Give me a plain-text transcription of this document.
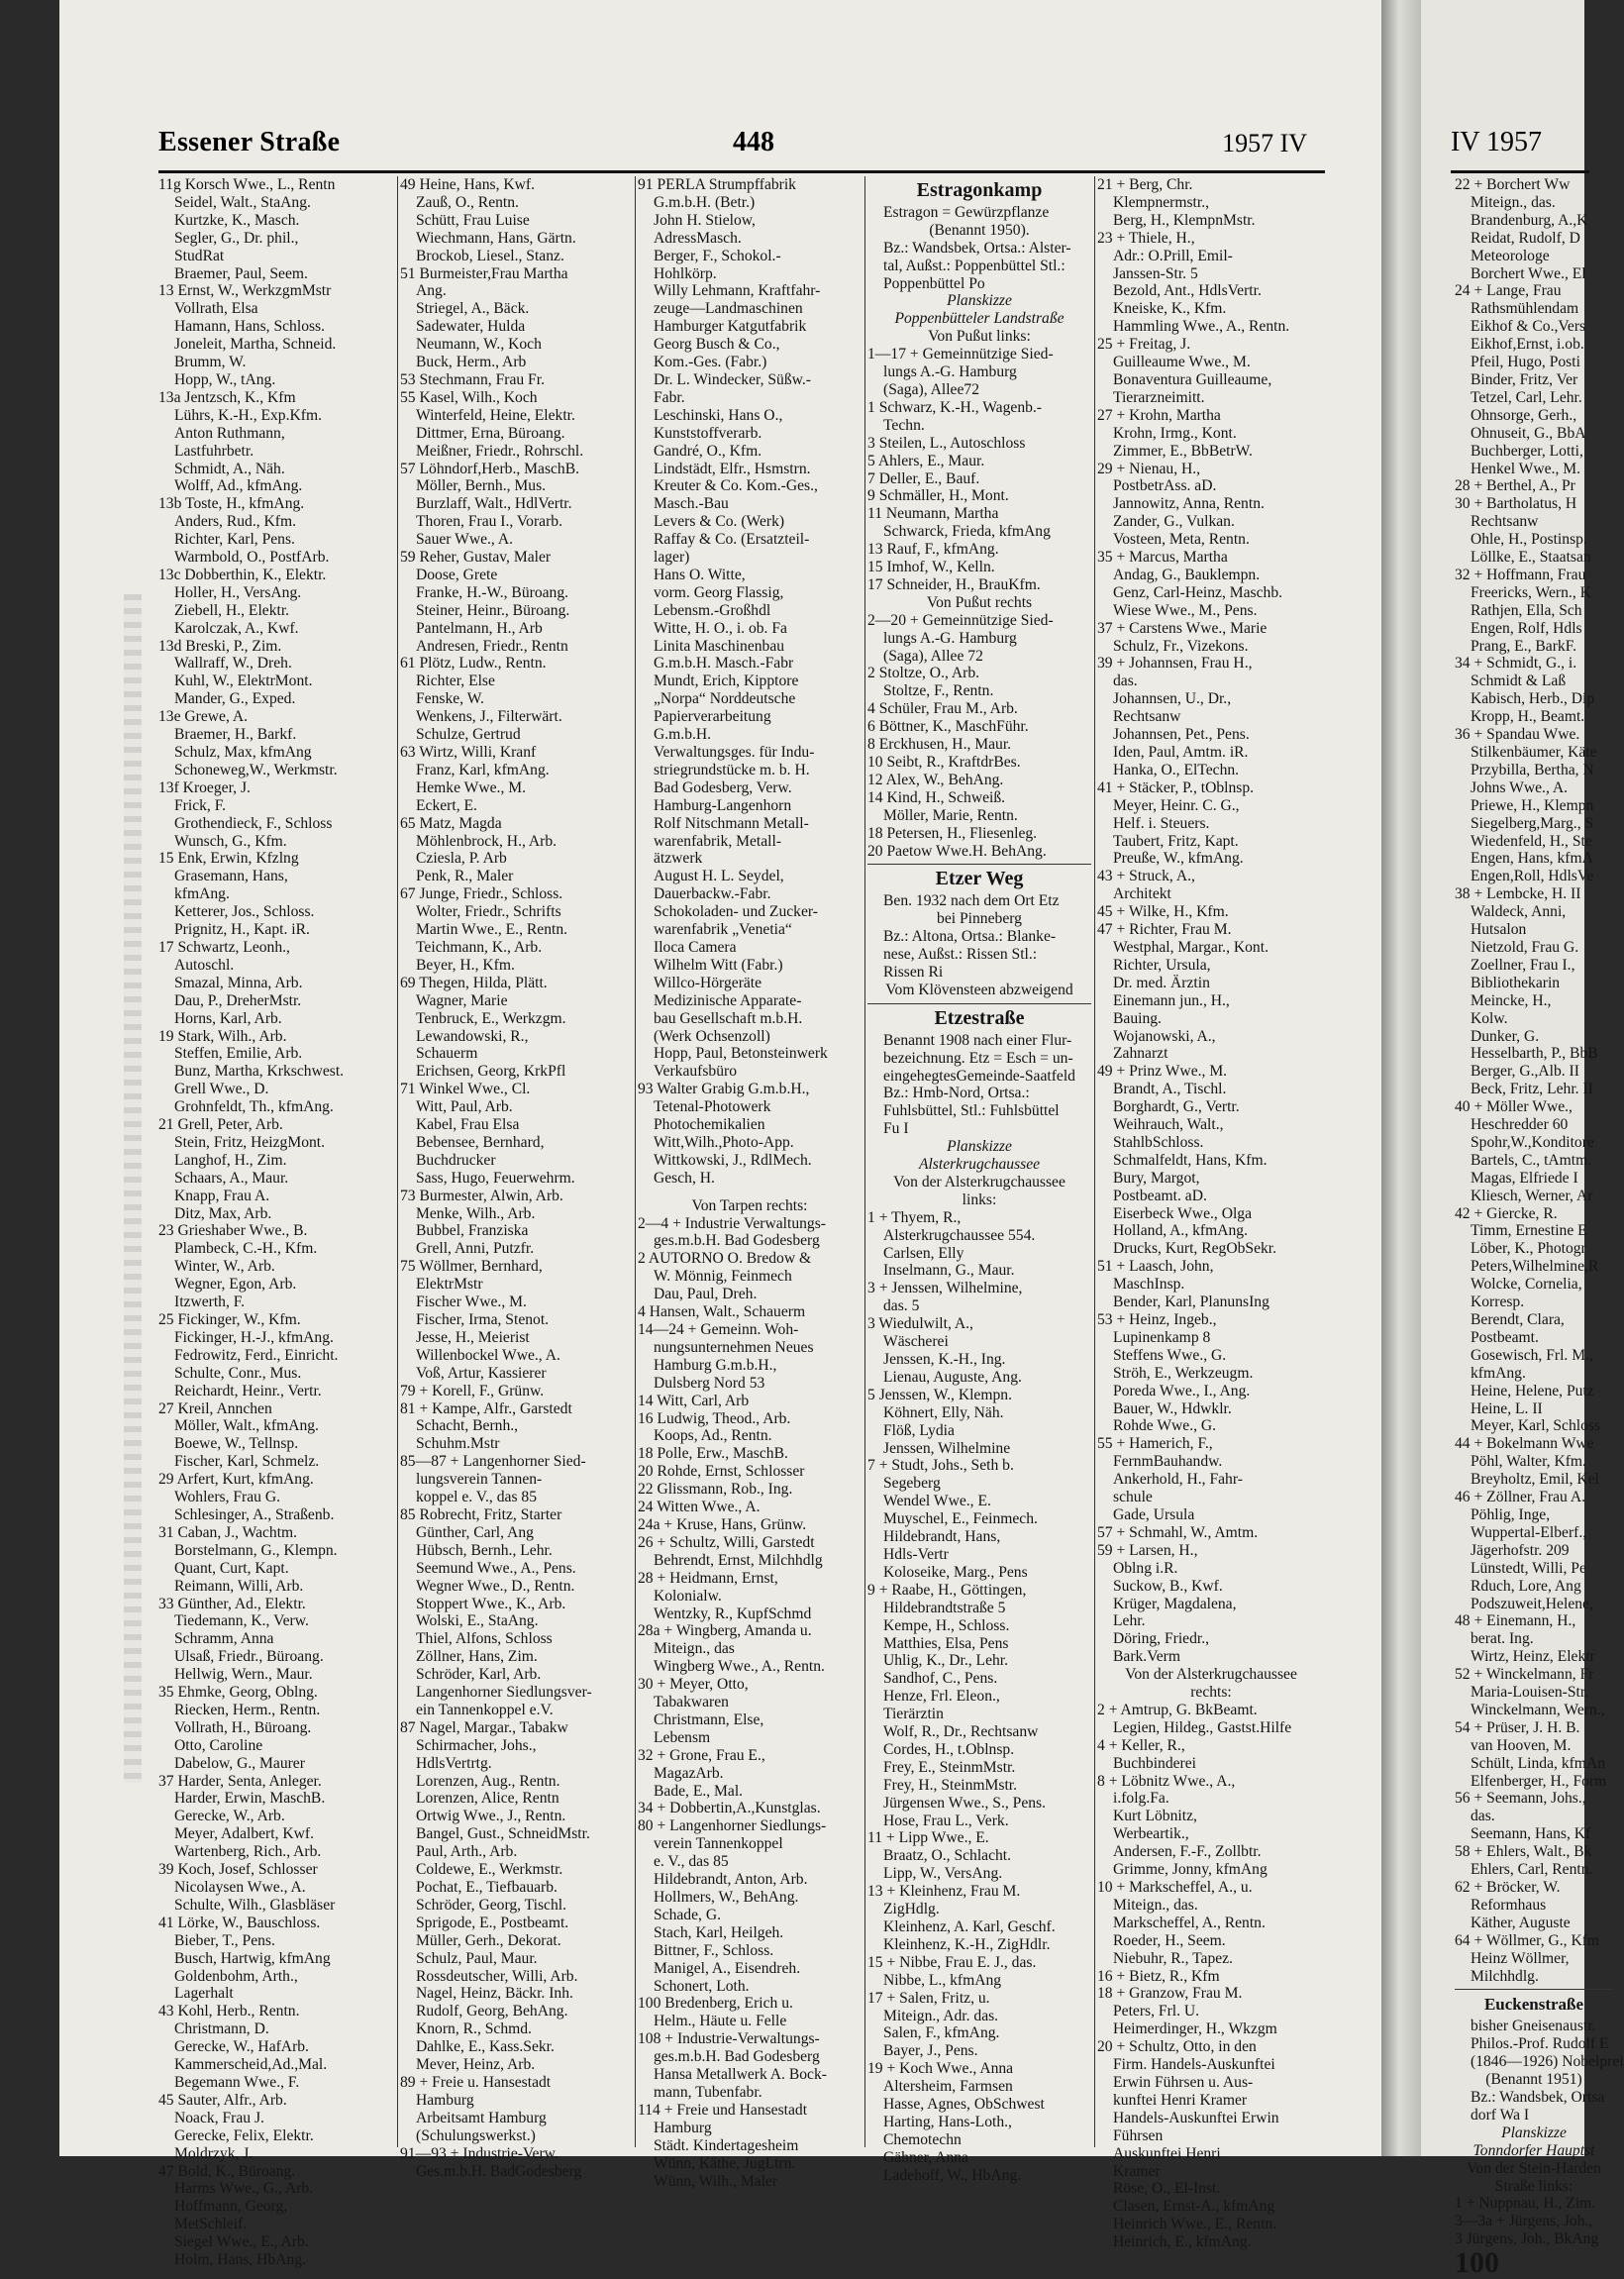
IV 1957
22 + Borchert Ww
Miteign., das.
Brandenburg, A.,K
Reidat, Rudolf, D
Meteorologe
Borchert Wwe., El
24 + Lange, Frau
Rathsmühlendam
Eikhof & Co.,Vers
Eikhof,Ernst, i.ob.
Pfeil, Hugo, Posti
Binder, Fritz, Ver
Tetzel, Carl, Lehr.
Ohnsorge, Gerh.,
Ohnuseit, G., BbA
Buchberger, Lotti,
Henkel Wwe., M.
28 + Berthel, A., Pr
30 + Bartholatus, H
Rechtsanw
Ohle, H., Postinsp.
Löllke, E., Staatsan
32 + Hoffmann, Frau
Freericks, Wern., K
Rathjen, Ella, Sch
Engen, Rolf, Hdls
Prang, E., BarkF.
34 + Schmidt, G., i.
Schmidt & Laß
Kabisch, Herb., Dip
Kropp, H., Beamt.
36 + Spandau Wwe.
Stilkenbäumer, Käte
Przybilla, Bertha, N
Johns Wwe., A.
Priewe, H., Klempn
Siegelberg,Marg., S
Wiedenfeld, H., Ste
Engen, Hans, kfmA
Engen,Roll, HdlsVe
38 + Lembcke, H. II
Waldeck, Anni,
Hutsalon
Nietzold, Frau G.
Zoellner, Frau I.,
Bibliothekarin
Meincke, H.,
Kolw.
Dunker, G.
Hesselbarth, P., BbB
Berger, G.,Alb. II
Beck, Fritz, Lehr. II
40 + Möller Wwe.,
Heschredder 60
Spohr,W.,Konditore
Bartels, C., tAmtm.
Magas, Elfriede I
Kliesch, Werner, Ar
42 + Giercke, R.
Timm, Ernestine E
Löber, K., Photogr
Peters,Wilhelmine,R
Wolcke, Cornelia,
Korresp.
Berendt, Clara,
Postbeamt.
Gosewisch, Frl. M.,
kfmAng.
Heine, Helene, Putz
Heine, L. II
Meyer, Karl, Schloss
44 + Bokelmann Wwe
Pöhl, Walter, Kfm.
Breyholtz, Emil, Kel
46 + Zöllner, Frau A.
Pöhlig, Inge,
Wuppertal-Elberf.,
Jägerhofstr. 209
Lünstedt, Willi, Pe
Rduch, Lore, Ang
Podszuweit,Helene,
48 + Einemann, H.,
berat. Ing.
Wirtz, Heinz, Elektr
52 + Winckelmann, Fr
Maria-Louisen-Str.
Winckelmann, Wern.,
54 + Prüser, J. H. B.
van Hooven, M.
Schült, Linda, kfmAn
Elfenberger, H., Form
56 + Seemann, Johs.,
das.
Seemann, Hans, Kf
58 + Ehlers, Walt., Bk
Ehlers, Carl, Rentn.
62 + Bröcker, W.
Reformhaus
Käther, Auguste
64 + Wöllmer, G., Kfm
Heinz Wöllmer,
Milchhdlg.
Euckenstraße
bisher Gneisenaustr.
Philos.-Prof. Rudolf E
(1846—1926) Nobelprei
(Benannt 1951)
Bz.: Wandsbek, Ortsa
dorf Wa I
Planskizze
Tonndorfer Hauptst
Von der Stein-Harden
Straße links:
1 + Nuppnau, H., Zim.
3—3a + Jürgens, Joh.,
3 Jürgens, Joh., BkAng
100
Essener Straße	448	1957 IV
11g Korsch Wwe., L., Rentn
Seidel, Walt., StaAng.
Kurtzke, K., Masch.
Segler, G., Dr. phil.,
StudRat
Braemer, Paul, Seem.
13 Ernst, W., WerkzgmMstr
Vollrath, Elsa
Hamann, Hans, Schloss.
Joneleit, Martha, Schneid.
Brumm, W.
Hopp, W., tAng.
13a Jentzsch, K., Kfm
Lührs, K.-H., Exp.Kfm.
Anton Ruthmann,
Lastfuhrbetr.
Schmidt, A., Näh.
Wolff, Ad., kfmAng.
13b Toste, H., kfmAng.
Anders, Rud., Kfm.
Richter, Karl, Pens.
Warmbold, O., PostfArb.
13c Dobberthin, K., Elektr.
Holler, H., VersAng.
Ziebell, H., Elektr.
Karolczak, A., Kwf.
13d Breski, P., Zim.
Wallraff, W., Dreh.
Kuhl, W., ElektrMont.
Mander, G., Exped.
13e Grewe, A.
Braemer, H., Barkf.
Schulz, Max, kfmAng
Schoneweg,W., Werkmstr.
13f Kroeger, J.
Frick, F.
Grothendieck, F., Schloss
Wunsch, G., Kfm.
15 Enk, Erwin, Kfzlng
Grasemann, Hans,
kfmAng.
Ketterer, Jos., Schloss.
Prignitz, H., Kapt. iR.
17 Schwartz, Leonh.,
Autoschl.
Smazal, Minna, Arb.
Dau, P., DreherMstr.
Horns, Karl, Arb.
19 Stark, Wilh., Arb.
Steffen, Emilie, Arb.
Bunz, Martha, Krkschwest.
Grell Wwe., D.
Grohnfeldt, Th., kfmAng.
21 Grell, Peter, Arb.
Stein, Fritz, HeizgMont.
Langhof, H., Zim.
Schaars, A., Maur.
Knapp, Frau A.
Ditz, Max, Arb.
23 Grieshaber Wwe., B.
Plambeck, C.-H., Kfm.
Winter, W., Arb.
Wegner, Egon, Arb.
Itzwerth, F.
25 Fickinger, W., Kfm.
Fickinger, H.-J., kfmAng.
Fedrowitz, Ferd., Einricht.
Schulte, Conr., Mus.
Reichardt, Heinr., Vertr.
27 Kreil, Annchen
Möller, Walt., kfmAng.
Boewe, W., Tellnsp.
Fischer, Karl, Schmelz.
29 Arfert, Kurt, kfmAng.
Wohlers, Frau G.
Schlesinger, A., Straßenb.
31 Caban, J., Wachtm.
Borstelmann, G., Klempn.
Quant, Curt, Kapt.
Reimann, Willi, Arb.
33 Günther, Ad., Elektr.
Tiedemann, K., Verw.
Schramm, Anna
Ulsaß, Friedr., Büroang.
Hellwig, Wern., Maur.
35 Ehmke, Georg, Oblng.
Riecken, Herm., Rentn.
Vollrath, H., Büroang.
Otto, Caroline
Dabelow, G., Maurer
37 Harder, Senta, Anleger.
Harder, Erwin, MaschB.
Gerecke, W., Arb.
Meyer, Adalbert, Kwf.
Wartenberg, Rich., Arb.
39 Koch, Josef, Schlosser
Nicolaysen Wwe., A.
Schulte, Wilh., Glasbläser
41 Lörke, W., Bauschloss.
Bieber, T., Pens.
Busch, Hartwig, kfmAng
Goldenbohm, Arth.,
Lagerhalt
43 Kohl, Herb., Rentn.
Christmann, D.
Gerecke, W., HafArb.
Kammerscheid,Ad.,Mal.
Begemann Wwe., F.
45 Sauter, Alfr., Arb.
Noack, Frau J.
Gerecke, Felix, Elektr.
Moldrzyk, J.
47 Bold, K., Büroang.
Harms Wwe., G., Arb.
Hoffmann, Georg,
MetSchleif.
Siegel Wwe., E., Arb.
Holm, Hans, HbAng.
49 Heine, Hans, Kwf.
Zauß, O., Rentn.
Schütt, Frau Luise
Wiechmann, Hans, Gärtn.
Brockob, Liesel., Stanz.
51 Burmeister,Frau Martha
Ang.
Striegel, A., Bäck.
Sadewater, Hulda
Neumann, W., Koch
Buck, Herm., Arb
53 Stechmann, Frau Fr.
55 Kasel, Wilh., Koch
Winterfeld, Heine, Elektr.
Dittmer, Erna, Büroang.
Meißner, Friedr., Rohrschl.
57 Löhndorf,Herb., MaschB.
Möller, Bernh., Mus.
Burzlaff, Walt., HdlVertr.
Thoren, Frau I., Vorarb.
Sauer Wwe., A.
59 Reher, Gustav, Maler
Doose, Grete
Franke, H.-W., Büroang.
Steiner, Heinr., Büroang.
Pantelmann, H., Arb
Andresen, Friedr., Rentn
61 Plötz, Ludw., Rentn.
Richter, Else
Fenske, W.
Wenkens, J., Filterwärt.
Schulze, Gertrud
63 Wirtz, Willi, Kranf
Franz, Karl, kfmAng.
Hemke Wwe., M.
Eckert, E.
65 Matz, Magda
Möhlenbrock, H., Arb.
Cziesla, P. Arb
Penk, R., Maler
67 Junge, Friedr., Schloss.
Wolter, Friedr., Schrifts
Martin Wwe., E., Rentn.
Teichmann, K., Arb.
Beyer, H., Kfm.
69 Thegen, Hilda, Plätt.
Wagner, Marie
Tenbruck, E., Werkzgm.
Lewandowski, R.,
Schauerm
Erichsen, Georg, KrkPfl
71 Winkel Wwe., Cl.
Witt, Paul, Arb.
Kabel, Frau Elsa
Bebensee, Bernhard,
Buchdrucker
Sass, Hugo, Feuerwehrm.
73 Burmester, Alwin, Arb.
Menke, Wilh., Arb.
Bubbel, Franziska
Grell, Anni, Putzfr.
75 Wöllmer, Bernhard,
ElektrMstr
Fischer Wwe., M.
Fischer, Irma, Stenot.
Jesse, H., Meierist
Willenbockel Wwe., A.
Voß, Artur, Kassierer
79 + Korell, F., Grünw.
81 + Kampe, Alfr., Garstedt
Schacht, Bernh.,
Schuhm.Mstr
85—87 + Langenhorner Sied-
lungsverein Tannen-
koppel e. V., das 85
85 Robrecht, Fritz, Starter
Günther, Carl, Ang
Hübsch, Bernh., Lehr.
Seemund Wwe., A., Pens.
Wegner Wwe., D., Rentn.
Stoppert Wwe., K., Arb.
Wolski, E., StaAng.
Thiel, Alfons, Schloss
Zöllner, Hans, Zim.
Schröder, Karl, Arb.
Langenhorner Siedlungsver-
ein Tannenkoppel e.V.
87 Nagel, Margar., Tabakw
Schirmacher, Johs.,
HdlsVertrtg.
Lorenzen, Aug., Rentn.
Lorenzen, Alice, Rentn
Ortwig Wwe., J., Rentn.
Bangel, Gust., SchneidMstr.
Paul, Arth., Arb.
Coldewe, E., Werkmstr.
Pochat, E., Tiefbauarb.
Schröder, Georg, Tischl.
Sprigode, E., Postbeamt.
Müller, Gerh., Dekorat.
Schulz, Paul, Maur.
Rossdeutscher, Willi, Arb.
Nagel, Heinz, Bäckr. Inh.
Rudolf, Georg, BehAng.
Knorn, R., Schmd.
Dahlke, E., Kass.Sekr.
Mever, Heinz, Arb.
89 + Freie u. Hansestadt
Hamburg
Arbeitsamt Hamburg
(Schulungswerkst.)
91—93 + Industrie-Verw.
Ges.m.b.H. BadGodesberg
91 PERLA Strumpffabrik
G.m.b.H. (Betr.)
John H. Stielow,
AdressMasch.
Berger, F., Schokol.-
Hohlkörp.
Willy Lehmann, Kraftfahr-
zeuge—Landmaschinen
Hamburger Katgutfabrik
Georg Busch & Co.,
Kom.-Ges. (Fabr.)
Dr. L. Windecker, Süßw.-
Fabr.
Leschinski, Hans O.,
Kunststoffverarb.
Gandré, O., Kfm.
Lindstädt, Elfr., Hsmstrn.
Kreuter & Co. Kom.-Ges.,
Masch.-Bau
Levers & Co. (Werk)
Raffay & Co. (Ersatzteil-
lager)
Hans O. Witte,
vorm. Georg Flassig,
Lebensm.-Großhdl
Witte, H. O., i. ob. Fa
Linita Maschinenbau
G.m.b.H. Masch.-Fabr
Mundt, Erich, Kipptore
„Norpa“ Norddeutsche
Papierverarbeitung
G.m.b.H.
Verwaltungsges. für Indu-
striegrundstücke m. b. H.
Bad Godesberg, Verw.
Hamburg-Langenhorn
Rolf Nitschmann Metall-
warenfabrik, Metall-
ätzwerk
August H. L. Seydel,
Dauerbackw.-Fabr.
Schokoladen- und Zucker-
warenfabrik „Venetia“
Iloca Camera
Wilhelm Witt (Fabr.)
Willco-Hörgeräte
Medizinische Apparate-
bau Gesellschaft m.b.H.
(Werk Ochsenzoll)
Hopp, Paul, Betonsteinwerk
Verkaufsbüro
93 Walter Grabig G.m.b.H.,
Tetenal-Photowerk
Photochemikalien
Witt,Wilh.,Photo-App.
Wittkowski, J., RdlMech.
Gesch, H.
Von Tarpen rechts:
2—4 + Industrie Verwaltungs-
ges.m.b.H. Bad Godesberg
2 AUTORNO O. Bredow &
W. Mönnig, Feinmech
Dau, Paul, Dreh.
4 Hansen, Walt., Schauerm
14—24 + Gemeinn. Woh-
nungsunternehmen Neues
Hamburg G.m.b.H.,
Dulsberg Nord 53
14 Witt, Carl, Arb
16 Ludwig, Theod., Arb.
Koops, Ad., Rentn.
18 Polle, Erw., MaschB.
20 Rohde, Ernst, Schlosser
22 Glissmann, Rob., Ing.
24 Witten Wwe., A.
24a + Kruse, Hans, Grünw.
26 + Schultz, Willi, Garstedt
Behrendt, Ernst, Milchhdlg
28 + Heidmann, Ernst,
Kolonialw.
Wentzky, R., KupfSchmd
28a + Wingberg, Amanda u.
Miteign., das
Wingberg Wwe., A., Rentn.
30 + Meyer, Otto,
Tabakwaren
Christmann, Else,
Lebensm
32 + Grone, Frau E.,
MagazArb.
Bade, E., Mal.
34 + Dobbertin,A.,Kunstglas.
80 + Langenhorner Siedlungs-
verein Tannenkoppel
e. V., das 85
Hildebrandt, Anton, Arb.
Hollmers, W., BehAng.
Schade, G.
Stach, Karl, Heilgeh.
Bittner, F., Schloss.
Manigel, A., Eisendreh.
Schonert, Loth.
100 Bredenberg, Erich u.
Helm., Häute u. Felle
108 + Industrie-Verwaltungs-
ges.m.b.H. Bad Godesberg
Hansa Metallwerk A. Bock-
mann, Tubenfabr.
114 + Freie und Hansestadt
Hamburg
Städt. Kindertagesheim
Wünn, Käthe, JugLtrn.
Wünn, Wilh., Maler
Estragonkamp
Estragon = Gewürzpflanze
(Benannt 1950).
Bz.: Wandsbek, Ortsa.: Alster-
tal, Außst.: Poppenbüttel Stl.:
Poppenbüttel Po
Planskizze
Poppenbütteler Landstraße
Von Pußut links:
1—17 + Gemeinnützige Sied-
lungs A.-G. Hamburg
(Saga), Allee72
1 Schwarz, K.-H., Wagenb.-
Techn.
3 Steilen, L., Autoschloss
5 Ahlers, E., Maur.
7 Deller, E., Bauf.
9 Schmäller, H., Mont.
11 Neumann, Martha
Schwarck, Frieda, kfmAng
13 Rauf, F., kfmAng.
15 Imhof, W., Kelln.
17 Schneider, H., BrauKfm.
Von Pußut rechts
2—20 + Gemeinnützige Sied-
lungs A.-G. Hamburg
(Saga), Allee 72
2 Stoltze, O., Arb.
Stoltze, F., Rentn.
4 Schüler, Frau M., Arb.
6 Böttner, K., MaschFühr.
8 Erckhusen, H., Maur.
10 Seibt, R., KraftdrBes.
12 Alex, W., BehAng.
14 Kind, H., Schweiß.
Möller, Marie, Rentn.
18 Petersen, H., Fliesenleg.
20 Paetow Wwe.H. BehAng.
Etzer Weg
Ben. 1932 nach dem Ort Etz
bei Pinneberg
Bz.: Altona, Ortsa.: Blanke-
nese, Außst.: Rissen Stl.:
Rissen Ri
Vom Klövensteen abzweigend
Etzestraße
Benannt 1908 nach einer Flur-
bezeichnung. Etz = Esch = un-
eingehegtesGemeinde-Saatfeld
Bz.: Hmb-Nord, Ortsa.:
Fuhlsbüttel, Stl.: Fuhlsbüttel
Fu I
Planskizze
Alsterkrugchaussee
Von der Alsterkrugchaussee
links:
1 + Thyem, R.,
Alsterkrugchaussee 554.
Carlsen, Elly
Inselmann, G., Maur.
3 + Jenssen, Wilhelmine,
das. 5
3 Wiedulwilt, A.,
Wäscherei
Jenssen, K.-H., Ing.
Lienau, Auguste, Ang.
5 Jenssen, W., Klempn.
Köhnert, Elly, Näh.
Flöß, Lydia
Jenssen, Wilhelmine
7 + Studt, Johs., Seth b.
Segeberg
Wendel Wwe., E.
Muyschel, E., Feinmech.
Hildebrandt, Hans,
Hdls-Vertr
Koloseike, Marg., Pens
9 + Raabe, H., Göttingen,
Hildebrandtstraße 5
Kempe, H., Schloss.
Matthies, Elsa, Pens
Uhlig, K., Dr., Lehr.
Sandhof, C., Pens.
Henze, Frl. Eleon.,
Tierärztin
Wolf, R., Dr., Rechtsanw
Cordes, H., t.Oblnsp.
Frey, E., SteinmMstr.
Frey, H., SteinmMstr.
Jürgensen Wwe., S., Pens.
Hose, Frau L., Verk.
11 + Lipp Wwe., E.
Braatz, O., Schlacht.
Lipp, W., VersAng.
13 + Kleinhenz, Frau M.
ZigHdlg.
Kleinhenz, A. Karl, Geschf.
Kleinhenz, K.-H., ZigHdlr.
15 + Nibbe, Frau E. J., das.
Nibbe, L., kfmAng
17 + Salen, Fritz, u.
Miteign., Adr. das.
Salen, F., kfmAng.
Bayer, J., Pens.
19 + Koch Wwe., Anna
Altersheim, Farmsen
Hasse, Agnes, ObSchwest
Harting, Hans-Loth.,
Chemotechn
Gähner, Anna
Ladehoff, W., HbAng.
21 + Berg, Chr.
Klempnermstr.,
Berg, H., KlempnMstr.
23 + Thiele, H.,
Adr.: O.Prill, Emil-
Janssen-Str. 5
Bezold, Ant., HdlsVertr.
Kneiske, K., Kfm.
Hammling Wwe., A., Rentn.
25 + Freitag, J.
Guilleaume Wwe., M.
Bonaventura Guilleaume,
Tierarzneimitt.
27 + Krohn, Martha
Krohn, Irmg., Kont.
Zimmer, E., BbBetrW.
29 + Nienau, H.,
PostbetrAss. aD.
Jannowitz, Anna, Rentn.
Zander, G., Vulkan.
Vosteen, Meta, Rentn.
35 + Marcus, Martha
Andag, G., Bauklempn.
Genz, Carl-Heinz, Maschb.
Wiese Wwe., M., Pens.
37 + Carstens Wwe., Marie
Schulz, Fr., Vizekons.
39 + Johannsen, Frau H.,
das.
Johannsen, U., Dr.,
Rechtsanw
Johannsen, Pet., Pens.
Iden, Paul, Amtm. iR.
Hanka, O., ElTechn.
41 + Stäcker, P., tOblnsp.
Meyer, Heinr. C. G.,
Helf. i. Steuers.
Taubert, Fritz, Kapt.
Preuße, W., kfmAng.
43 + Struck, A.,
Architekt
45 + Wilke, H., Kfm.
47 + Richter, Frau M.
Westphal, Margar., Kont.
Richter, Ursula,
Dr. med. Ärztin
Einemann jun., H.,
Bauing.
Wojanowski, A.,
Zahnarzt
49 + Prinz Wwe., M.
Brandt, A., Tischl.
Borghardt, G., Vertr.
Weihrauch, Walt.,
StahlbSchloss.
Schmalfeldt, Hans, Kfm.
Bury, Margot,
Postbeamt. aD.
Eiserbeck Wwe., Olga
Holland, A., kfmAng.
Drucks, Kurt, RegObSekr.
51 + Laasch, John,
MaschInsp.
Bender, Karl, PlanunsIng
53 + Heinz, Ingeb.,
Lupinenkamp 8
Steffens Wwe., G.
Ströh, E., Werkzeugm.
Poreda Wwe., I., Ang.
Bauer, W., Hdwklr.
Rohde Wwe., G.
55 + Hamerich, F.,
FernmBauhandw.
Ankerhold, H., Fahr-
schule
Gade, Ursula
57 + Schmahl, W., Amtm.
59 + Larsen, H.,
Oblng i.R.
Suckow, B., Kwf.
Krüger, Magdalena,
Lehr.
Döring, Friedr.,
Bark.Verm
Von der Alsterkrugchaussee
rechts:
2 + Amtrup, G. BkBeamt.
Legien, Hildeg., Gastst.Hilfe
4 + Keller, R.,
Buchbinderei
8 + Löbnitz Wwe., A.,
i.folg.Fa.
Kurt Löbnitz,
Werbeartik.,
Andersen, F.-F., Zollbtr.
Grimme, Jonny, kfmAng
10 + Markscheffel, A., u.
Miteign., das.
Markscheffel, A., Rentn.
Roeder, H., Seem.
Niebuhr, R., Tapez.
16 + Bietz, R., Kfm
18 + Granzow, Frau M.
Peters, Frl. U.
Heimerdinger, H., Wkzgm
20 + Schultz, Otto, in den
Firm. Handels-Auskunftei
Erwin Führsen u. Aus-
kunftei Henri Kramer
Handels-Auskunftei Erwin
Führsen
Auskunftei Henri
Kramer
Röse, O., El-Inst.
Clasen, Ernst-A., kfmAng
Heinrich Wwe., E., Rentn.
Heinrich, E., kfmAng.
